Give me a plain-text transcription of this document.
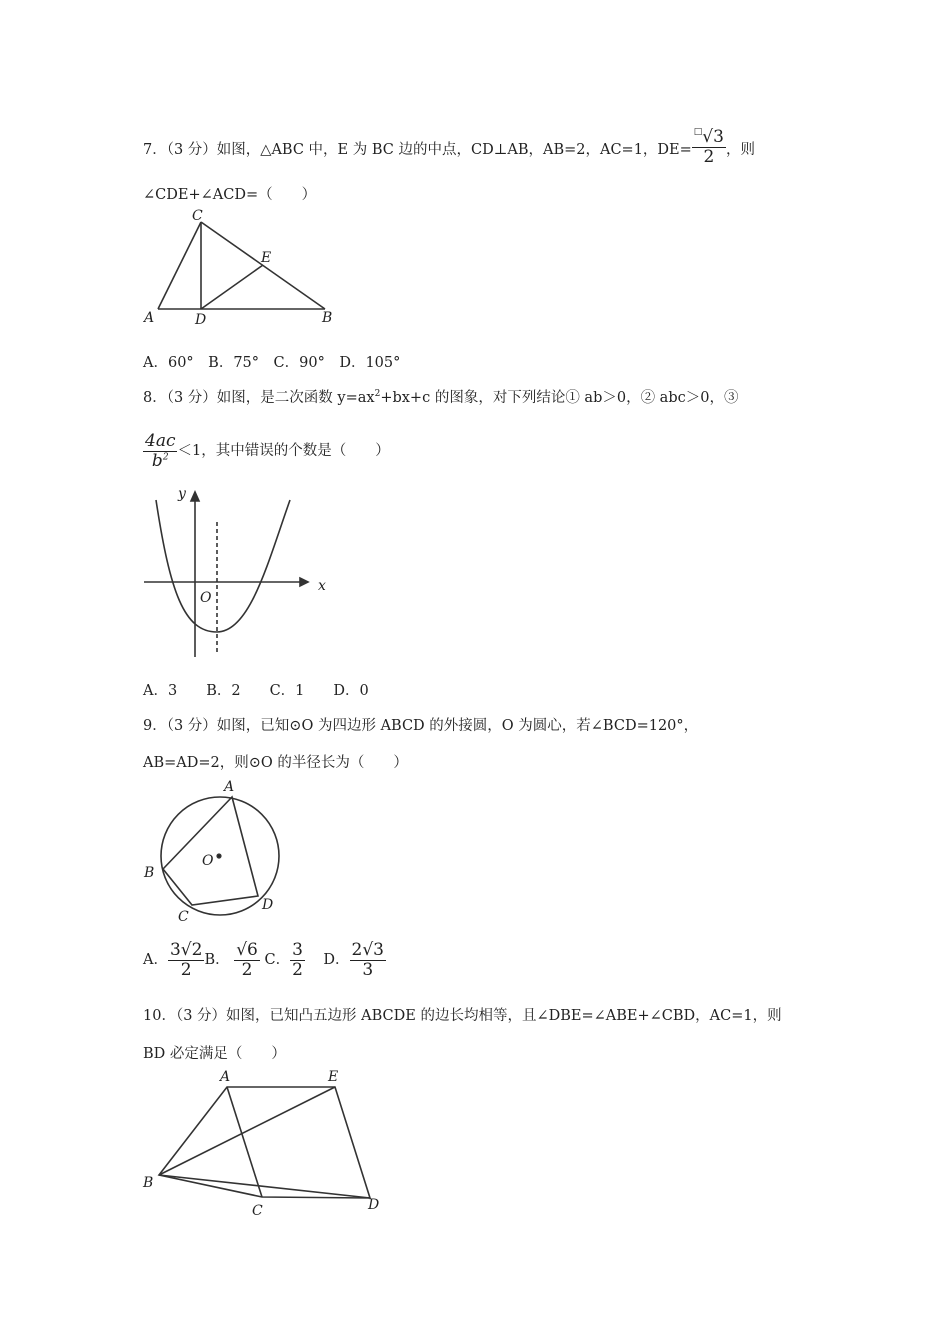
7．（3 分）如图，△ABC 中，E 为 BC 边的中点，CD⊥AB，AB=2，AC=1，$DE= \frac{^□√3}{2}$ ，则
∠CDE+∠ACD=（　　）
C
E
A	D	B
A．60°　B．75°　C．90°　D．105°
8．（3 分）如图，是二次函数 $y=ax^2+bx+c$ 的图象，对下列结论① ab＞0，② abc＞0，③
$\frac{4ac}{b^2} <1$，其中错误的个数是（　　）
y
x
O
A．3　　B．2　　C．1　　D．0
9．（3 分）如图，已知⊙O 为四边形 ABCD 的外接圆，O 为圆心，若∠BCD=120°，
AB=AD=2，则⊙O 的半径长为（　　）
A
B
C
D
O
A． $\frac{3√2}{2}$ B． $\frac{√6}{2}$ C． $\frac{3}{2}$ D． $\frac{2√3}{3}$
10．（3 分）如图，已知凸五边形 ABCDE 的边长均相等，且∠DBE=∠ABE+∠CBD，AC=1，则
BD 必定满足（　　）
A	E
B
C	D
